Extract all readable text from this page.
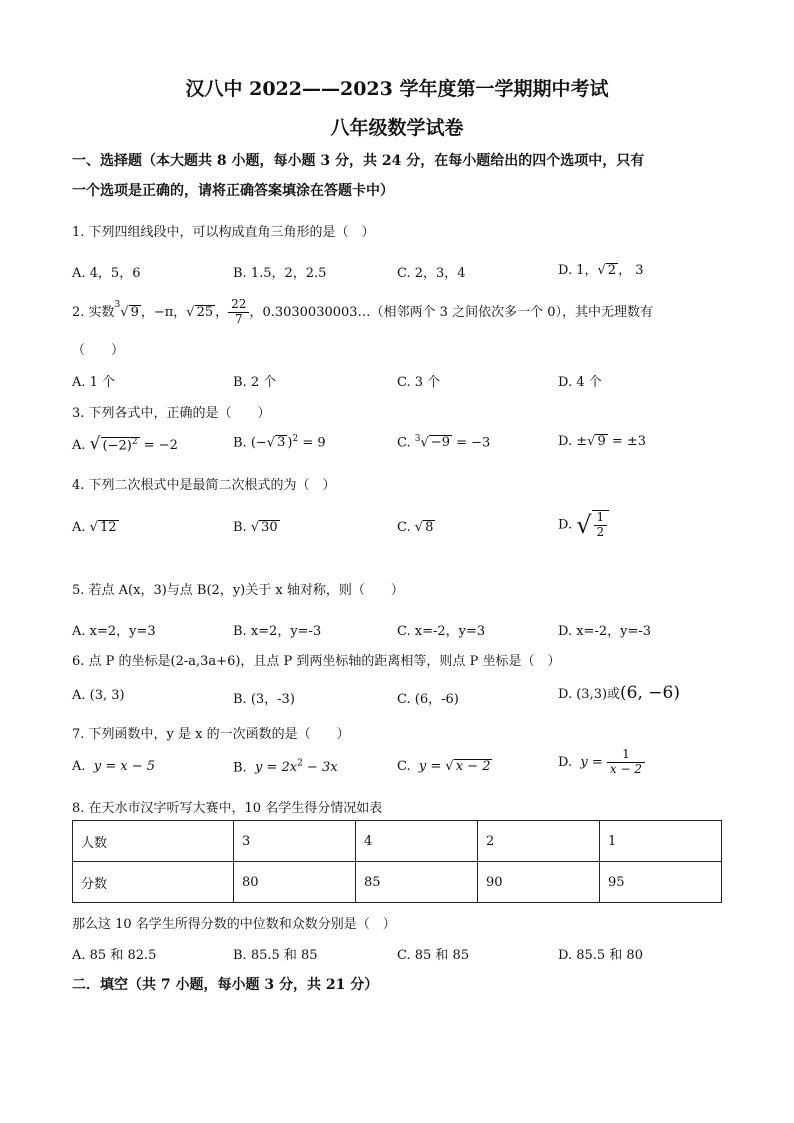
汉八中 2022——2023 学年度第一学期期中考试
八年级数学试卷
一、选择题（本大题共 8 小题，每小题 3 分，共 24 分，在每小题给出的四个选项中，只有
一个选项是正确的，请将正确答案填涂在答题卡中）
1. 下列四组线段中，可以构成直角三角形的是（　）
A. 4，5，6	B. 1.5，2，2.5	C. 2，3，4	D. 1，√ 2 ， 3
2. 实数$^3$√ 9 ，−π，√ 25 ， $\frac{22}{7}$ ，0.3030030003…（相邻两个 3 之间依次多一个 0），其中无理数有
（　　）
A. 1 个	B. 2 个	C. 3 个	D. 4 个
3. 下列各式中，正确的是（　　）
A. √ $(-2)^2 = -2$	B. (−√ 3 )$^2$ = 9	C. $^3$√ −9 = −3	D. ±√ 9 = ±3
4. 下列二次根式中是最简二次根式的为（　）
A. √ 12	B. √ 30	C. √ 8	D. √ $\frac{1}{2}$
5. 若点 A(x，3)与点 B(2，y)关于 x 轴对称，则（　　）
A. x=2，y=3	B. x=2，y=-3	C. x=-2，y=3	D. x=-2，y=-3
6. 点 P 的坐标是(2-a,3a+6)，且点 P 到两坐标轴的距离相等，则点 P 坐标是（　）
A. (3, 3)	B. (3，-3)	C. (6，-6)	D. (3,3)或(6, −6)
7. 下列函数中，y 是 x 的一次函数的是（　　）
A. y = x − 5	B. $y = 2x^2 - 3x$	C. y = √ x − 2	D. $y = \frac{1}{x - 2}$
8. 在天水市汉字听写大赛中，10 名学生得分情况如表
人数	3	4	2	1
分数	80	85	90	95
那么这 10 名学生所得分数的中位数和众数分别是（　）
A. 85 和 82.5	B. 85.5 和 85	C. 85 和 85	D. 85.5 和 80
二．填空（共 7 小题，每小题 3 分，共 21 分）
